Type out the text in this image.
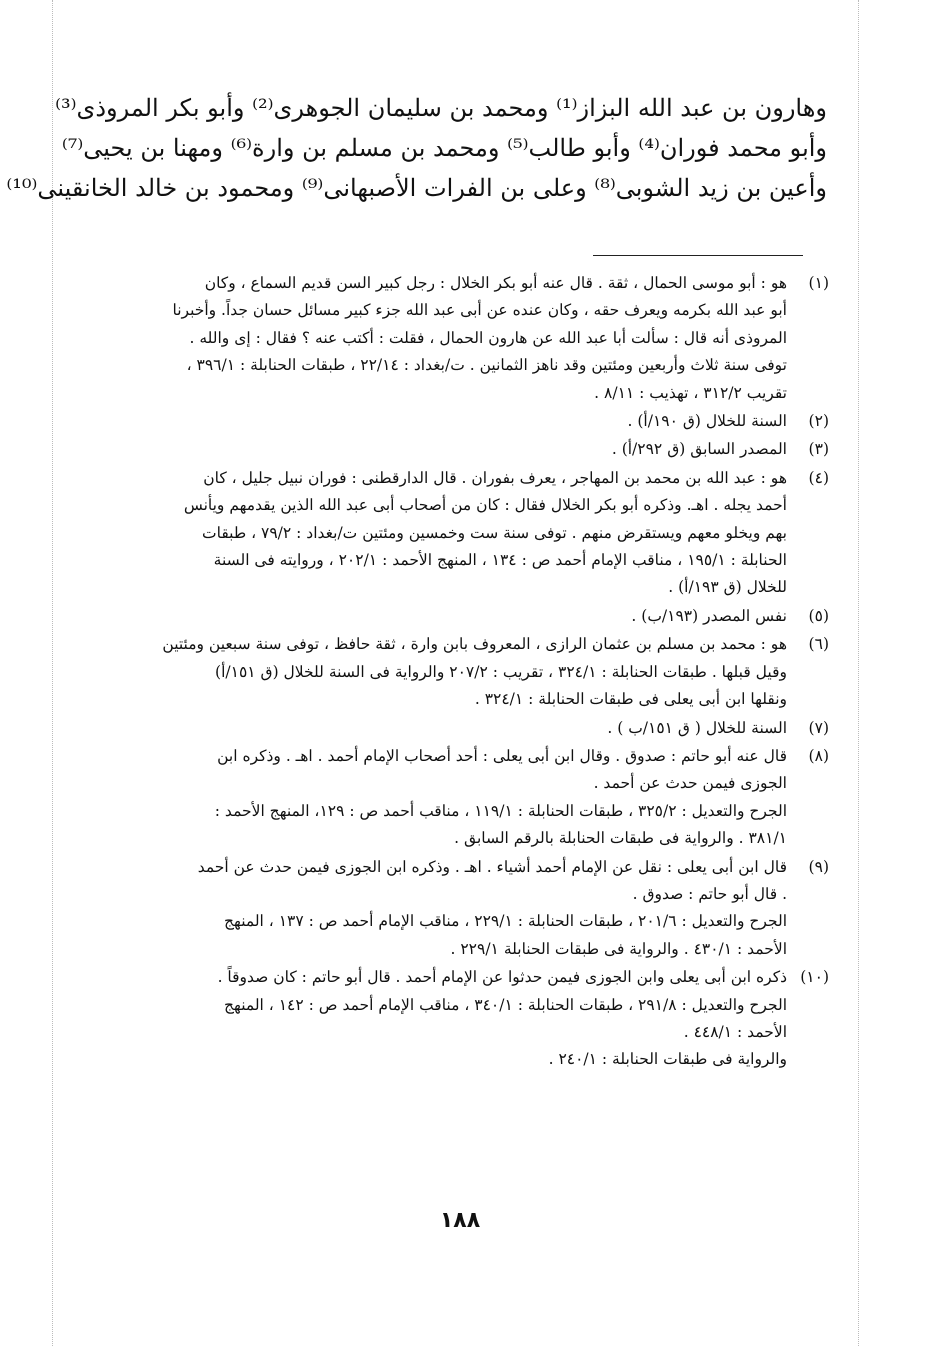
وهارون بن عبد الله البزاز⁽¹⁾ ومحمد بن سليمان الجوهرى⁽²⁾ وأبو بكر المروذى⁽³⁾
وأبو محمد فوران⁽⁴⁾ وأبو طالب⁽⁵⁾ ومحمد بن مسلم بن وارة⁽⁶⁾ ومهنا بن يحيى⁽⁷⁾
وأعين بن زيد الشوبى⁽⁸⁾ وعلى بن الفرات الأصبهانى⁽⁹⁾ ومحمود بن خالد الخانقينى⁽¹⁰⁾
(١)
هو : أبو موسى الحمال ، ثقة . قال عنه أبو بكر الخلال : رجل كبير السن قديم السماع ، وكان
أبو عبد الله بكرمه ويعرف حقه ، وكان عنده عن أبى عبد الله جزء كبير مسائل حسان جداً. وأخبرنا
المروذى أنه قال : سألت أبا عبد الله عن هارون الحمال ، فقلت : أكتب عنه ؟ فقال : إى والله .
توفى سنة ثلاث وأربعين ومئتين وقد ناهز الثمانين . ت/بغداد : ٢٢/١٤ ، طبقات الحنابلة : ٣٩٦/١ ،
تقريب ٣١٢/٢ ، تهذيب : ٨/١١ .
(٢)
السنة للخلال (ق ١٩٠/أ) .
(٣)
المصدر السابق (ق ٢٩٢/أ) .
(٤)
هو : عبد الله بن محمد بن المهاجر ، يعرف بفوران . قال الدارقطنى : فوران نبيل جليل ، كان
أحمد يجله . اهـ. وذكره أبو بكر الخلال فقال : كان من أصحاب أبى عبد الله الذين يقدمهم ويأنس
بهم ويخلو معهم ويستقرض منهم . توفى سنة ست وخمسين ومئتين ت/بغداد : ٧٩/٢ ، طبقات
الحنابلة : ١٩٥/١ ، مناقب الإمام أحمد ص : ١٣٤ ، المنهج الأحمد : ٢٠٢/١ ، وروايته فى السنة
للخلال (ق ١٩٣/أ) .
(٥)
نفس المصدر (١٩٣/ب) .
(٦)
هو : محمد بن مسلم بن عثمان الرازى ، المعروف بابن وارة ، ثقة حافظ ، توفى سنة سبعين ومئتين
وقيل قبلها . طبقات الحنابلة : ٣٢٤/١ ، تقريب : ٢٠٧/٢ والرواية فى السنة للخلال (ق ١٥١/أ)
ونقلها ابن أبى يعلى فى طبقات الحنابلة : ٣٢٤/١ .
(٧)
السنة للخلال ( ق ١٥١/ب ) .
(٨)
قال عنه أبو حاتم : صدوق . وقال ابن أبى يعلى : أحد أصحاب الإمام أحمد . اهـ . وذكره ابن
الجوزى فيمن حدث عن أحمد .
الجرح والتعديل : ٣٢٥/٢ ، طبقات الحنابلة : ١١٩/١ ، مناقب أحمد ص : ١٢٩، المنهج الأحمد :
٣٨١/١ . والرواية فى طبقات الحنابلة بالرقم السابق .
(٩)
قال ابن أبى يعلى : نقل عن الإمام أحمد أشياء . اهـ . وذكره ابن الجوزى فيمن حدث عن أحمد
. قال أبو حاتم : صدوق .
الجرح والتعديل : ٢٠١/٦ ، طبقات الحنابلة : ٢٢٩/١ ، مناقب الإمام أحمد ص : ١٣٧ ، المنهج
الأحمد : ٤٣٠/١ . والرواية فى طبقات الحنابلة ٢٢٩/١ .
(١٠)
ذكره ابن أبى يعلى وابن الجوزى فيمن حدثوا عن الإمام أحمد . قال أبو حاتم : كان صدوقاً .
الجرح والتعديل : ٢٩١/٨ ، طبقات الحنابلة : ٣٤٠/١ ، مناقب الإمام أحمد ص : ١٤٢ ، المنهج
الأحمد : ٤٤٨/١ .
والرواية فى طبقات الحنابلة : ٢٤٠/١ .
١٨٨
